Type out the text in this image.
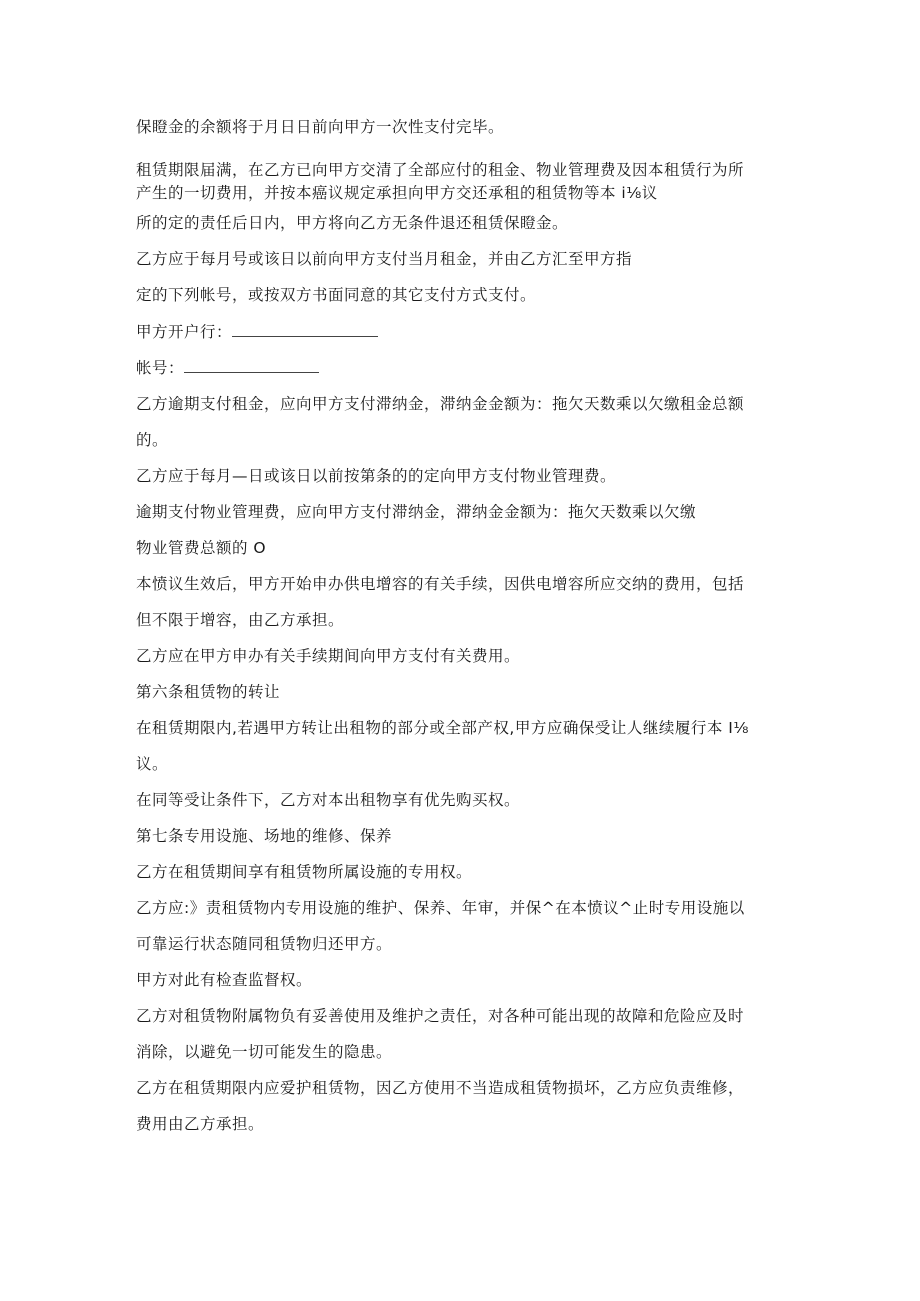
保瞪金的余额将于月日日前向甲方一次性支付完毕。

租赁期限届满，在乙方已向甲方交清了全部应付的租金、物业管理费及因本租赁行为所

产生的一切费用，并按本癌议规定承担向甲方交还承租的租赁物等本 i⅛议

所的定的责任后日内，甲方将向乙方无条件退还租赁保瞪金。

乙方应于每月号或该日以前向甲方支付当月租金，并由乙方汇至甲方指

定的下列帐号，或按双方书面同意的其它支付方式支付。

甲方开户行：
帐号：

乙方逾期支付租金，应向甲方支付滞纳金，滞纳金金额为：拖欠天数乘以欠缴租金总额

的。

乙方应于每月—日或该日以前按第条的的定向甲方支付物业管理费。

逾期支付物业管理费，应向甲方支付滞纳金，滞纳金金额为：拖欠天数乘以欠缴

物业管费总额的 O

本愤议生效后，甲方开始申办供电增容的有关手续，因供电增容所应交纳的费用，包括

但不限于增容，由乙方承担。

乙方应在甲方申办有关手续期间向甲方支付有关费用。

第六条租赁物的转让

在租赁期限内,若遇甲方转让出租物的部分或全部产权,甲方应确保受让人继续履行本 I⅛

议。

在同等受让条件下，乙方对本出租物享有优先购买权。

第七条专用设施、场地的维修、保养

乙方在租赁期间享有租赁物所属设施的专用权。

乙方应:》责租赁物内专用设施的维护、保养、年审，并保^在本愤议^止时专用设施以

可靠运行状态随同租赁物归还甲方。

甲方对此有检查监督权。

乙方对租赁物附属物负有妥善使用及维护之责任，对各种可能出现的故障和危险应及时

消除，以避免一切可能发生的隐患。

乙方在租赁期限内应爱护租赁物，因乙方使用不当造成租赁物损坏，乙方应负责维修，

费用由乙方承担。
